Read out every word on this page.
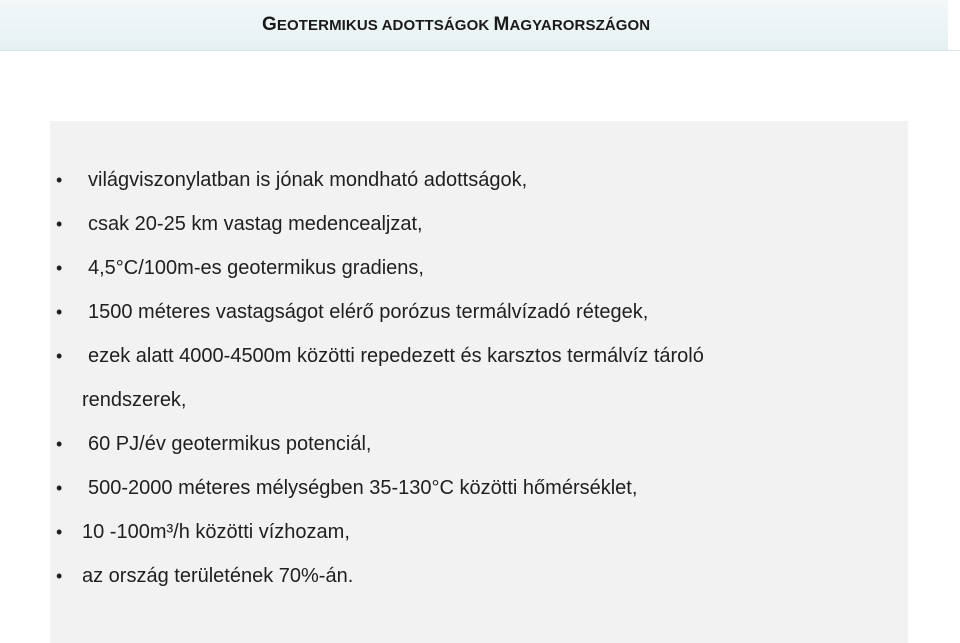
GEOTERMIKUS ADOTTSÁGOK MAGYARORSZÁGON
•	világviszonylatban is jónak mondható adottságok,
•	csak 20-25 km vastag medencealjzat,
•	4,5°C/100m-es geotermikus gradiens,
•	1500 méteres vastagságot elérő porózus termálvízadó rétegek,
•	ezek alatt 4000-4500m közötti repedezett és karsztos termálvíz tároló
rendszerek,
•	60 PJ/év geotermikus potenciál,
•	500-2000 méteres mélységben 35-130°C közötti hőmérséklet,
• 10 -100m³/h közötti vízhozam,
• az ország területének 70%-án.
